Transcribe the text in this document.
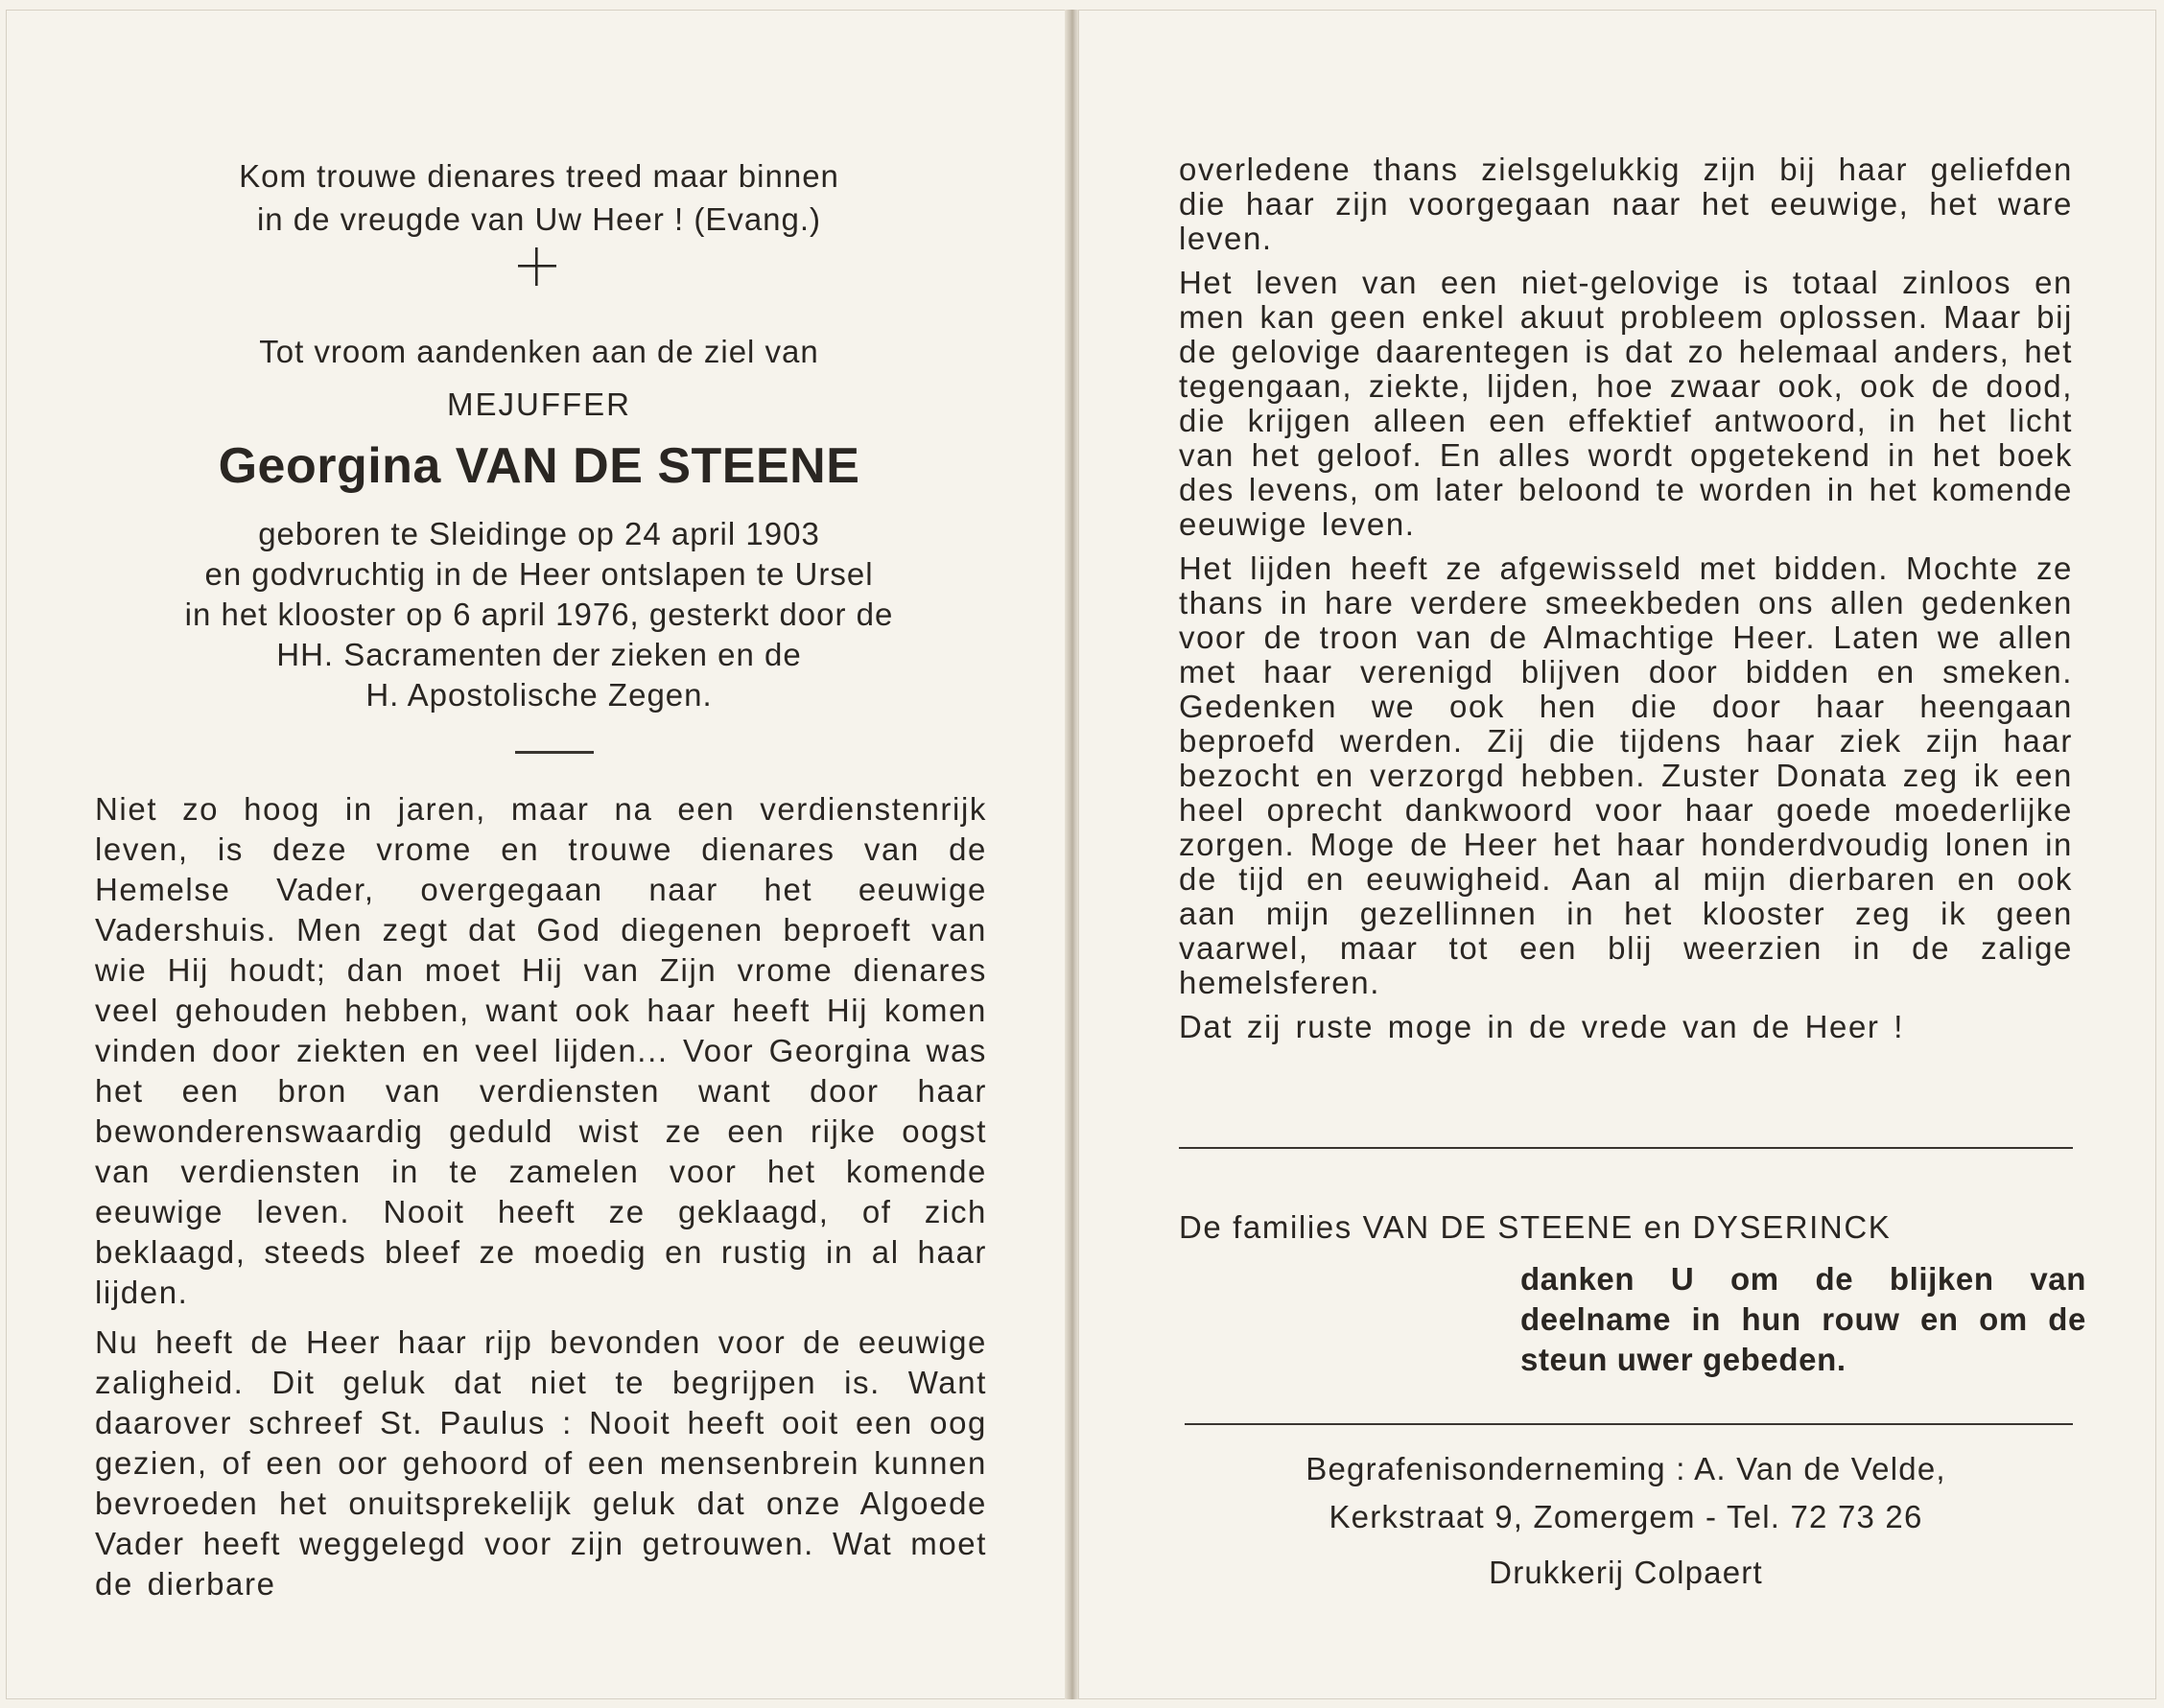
Kom trouwe dienares treed maar binnen
in de vreugde van Uw Heer ! (Evang.)
Tot vroom aandenken aan de ziel van
MEJUFFER
Georgina VAN DE STEENE
geboren te Sleidinge op 24 april 1903
en godvruchtig in de Heer ontslapen te Ursel
in het klooster op 6 april 1976, gesterkt door de
HH. Sacramenten der zieken en de
H. Apostolische Zegen.

Niet zo hoog in jaren, maar na een verdienstenrijk leven, is deze vrome en trouwe dienares van de Hemelse Vader, overgegaan naar het eeuwige Vadershuis. Men zegt dat God diegenen beproeft van wie Hij houdt; dan moet Hij van Zijn vrome dienares veel gehouden hebben, want ook haar heeft Hij komen vinden door ziekten en veel lijden... Voor Georgina was het een bron van verdiensten want door haar bewonderenswaardig geduld wist ze een rijke oogst van verdiensten in te zamelen voor het komende eeuwige leven. Nooit heeft ze geklaagd, of zich beklaagd, steeds bleef ze moedig en rustig in al haar lijden.

Nu heeft de Heer haar rijp bevonden voor de eeuwige zaligheid. Dit geluk dat niet te begrijpen is. Want daarover schreef St. Paulus : Nooit heeft ooit een oog gezien, of een oor gehoord of een mensenbrein kunnen bevroeden het onuitsprekelijk geluk dat onze Algoede Vader heeft weggelegd voor zijn getrouwen. Wat moet de dierbare

overledene thans zielsgelukkig zijn bij haar geliefden die haar zijn voorgegaan naar het eeuwige, het ware leven.

Het leven van een niet-gelovige is totaal zinloos en men kan geen enkel akuut probleem oplossen. Maar bij de gelovige daarentegen is dat zo helemaal anders, het tegengaan, ziekte, lijden, hoe zwaar ook, ook de dood, die krijgen alleen een effektief antwoord, in het licht van het geloof. En alles wordt opgetekend in het boek des levens, om later beloond te worden in het komende eeuwige leven.

Het lijden heeft ze afgewisseld met bidden. Mochte ze thans in hare verdere smeekbeden ons allen gedenken voor de troon van de Almachtige Heer. Laten we allen met haar verenigd blijven door bidden en smeken. Gedenken we ook hen die door haar heengaan beproefd werden. Zij die tijdens haar ziek zijn haar bezocht en verzorgd hebben. Zuster Donata zeg ik een heel oprecht dankwoord voor haar goede moederlijke zorgen. Moge de Heer het haar honderdvoudig lonen in de tijd en eeuwigheid. Aan al mijn dierbaren en ook aan mijn gezellinnen in het klooster zeg ik geen vaarwel, maar tot een blij weerzien in de zalige hemelsferen.

Dat zij ruste moge in de vrede van de Heer !

De families VAN DE STEENE en DYSERINCK
danken U om de blijken van deelname in hun rouw en om de steun uwer gebeden.
Begrafenisonderneming : A. Van de Velde,
Kerkstraat 9, Zomergem - Tel. 72 73 26
Drukkerij Colpaert
